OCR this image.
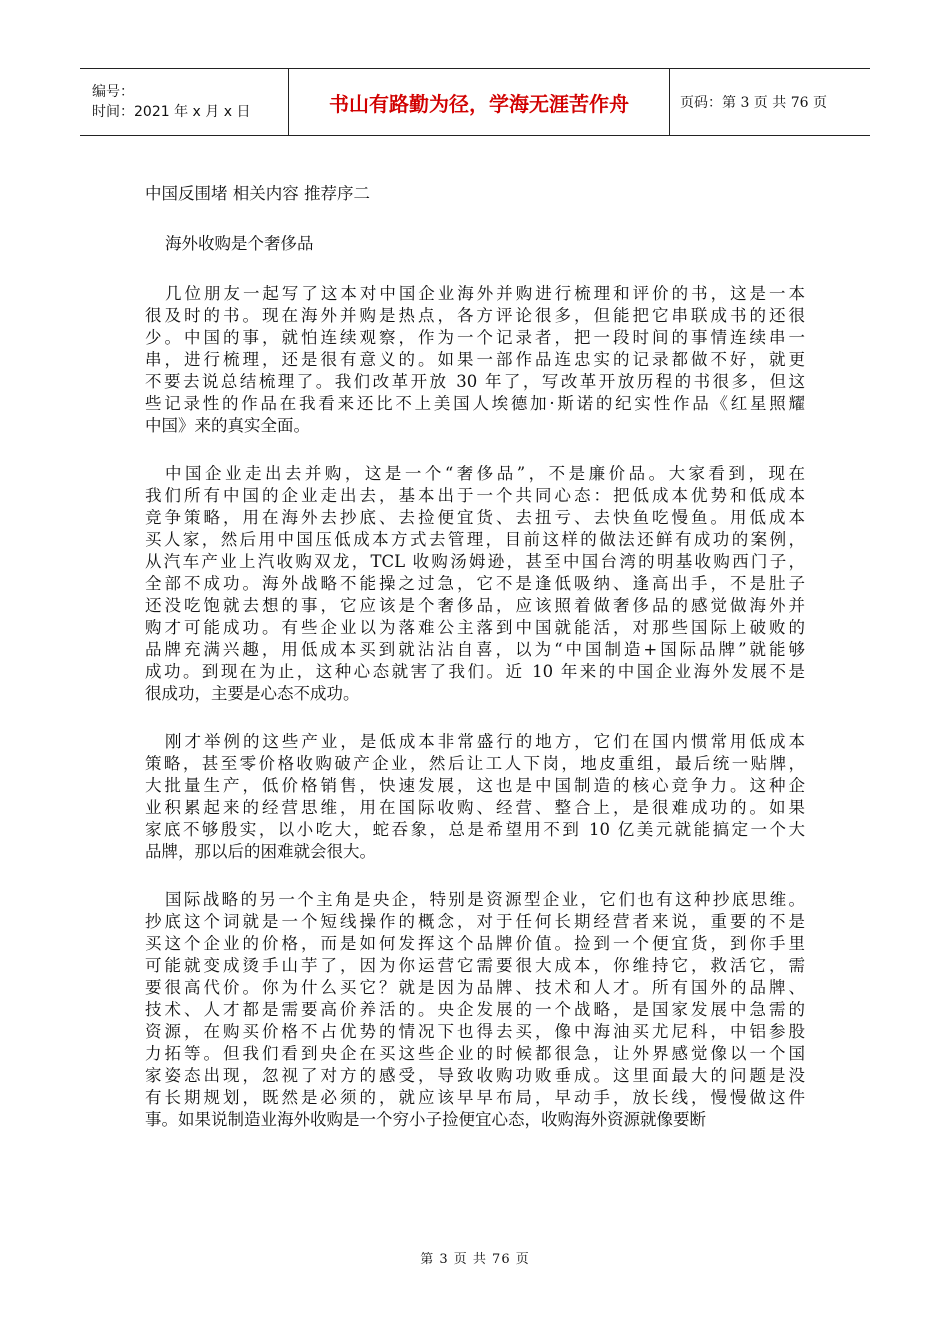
编号：
时间：2021 年 x 月 x 日	书山有路勤为径，学海无涯苦作舟	页码：第 3 页 共 76 页

中国反围堵 相关内容 推荐序二

海外收购是个奢侈品

几位朋友一起写了这本对中国企业海外并购进行梳理和评价的书，这是一本

很及时的书。现在海外并购是热点，各方评论很多，但能把它串联成书的还很

少。中国的事，就怕连续观察，作为一个记录者，把一段时间的事情连续串一

串，进行梳理，还是很有意义的。如果一部作品连忠实的记录都做不好，就更

不要去说总结梳理了。我们改革开放 30 年了，写改革开放历程的书很多，但这

些记录性的作品在我看来还比不上美国人埃德加·斯诺的纪实性作品《红星照耀

中国》来的真实全面。

中国企业走出去并购，这是一个“奢侈品”，不是廉价品。大家看到，现在

我们所有中国的企业走出去，基本出于一个共同心态：把低成本优势和低成本

竞争策略，用在海外去抄底、去捡便宜货、去扭亏、去快鱼吃慢鱼。用低成本

买人家，然后用中国压低成本方式去管理，目前这样的做法还鲜有成功的案例，

从汽车产业上汽收购双龙，TCL 收购汤姆逊，甚至中国台湾的明基收购西门子，

全部不成功。海外战略不能操之过急，它不是逢低吸纳、逢高出手，不是肚子

还没吃饱就去想的事，它应该是个奢侈品，应该照着做奢侈品的感觉做海外并

购才可能成功。有些企业以为落难公主落到中国就能活，对那些国际上破败的

品牌充满兴趣，用低成本买到就沾沾自喜，以为“中国制造+国际品牌”就能够

成功。到现在为止，这种心态就害了我们。近 10 年来的中国企业海外发展不是

很成功，主要是心态不成功。

刚才举例的这些产业，是低成本非常盛行的地方，它们在国内惯常用低成本

策略，甚至零价格收购破产企业，然后让工人下岗，地皮重组，最后统一贴牌，

大批量生产，低价格销售，快速发展，这也是中国制造的核心竞争力。这种企

业积累起来的经营思维，用在国际收购、经营、整合上，是很难成功的。如果

家底不够殷实，以小吃大，蛇吞象，总是希望用不到 10 亿美元就能搞定一个大

品牌，那以后的困难就会很大。

国际战略的另一个主角是央企，特别是资源型企业，它们也有这种抄底思维。

抄底这个词就是一个短线操作的概念，对于任何长期经营者来说，重要的不是

买这个企业的价格，而是如何发挥这个品牌价值。捡到一个便宜货，到你手里

可能就变成烫手山芋了，因为你运营它需要很大成本，你维持它，救活它，需

要很高代价。你为什么买它？就是因为品牌、技术和人才。所有国外的品牌、

技术、人才都是需要高价养活的。央企发展的一个战略，是国家发展中急需的

资源，在购买价格不占优势的情况下也得去买，像中海油买尤尼科，中铝参股

力拓等。但我们看到央企在买这些企业的时候都很急，让外界感觉像以一个国

家姿态出现，忽视了对方的感受，导致收购功败垂成。这里面最大的问题是没

有长期规划，既然是必须的，就应该早早布局，早动手，放长线，慢慢做这件

事。如果说制造业海外收购是一个穷小子捡便宜心态，收购海外资源就像要断

第 3 页 共 76 页
